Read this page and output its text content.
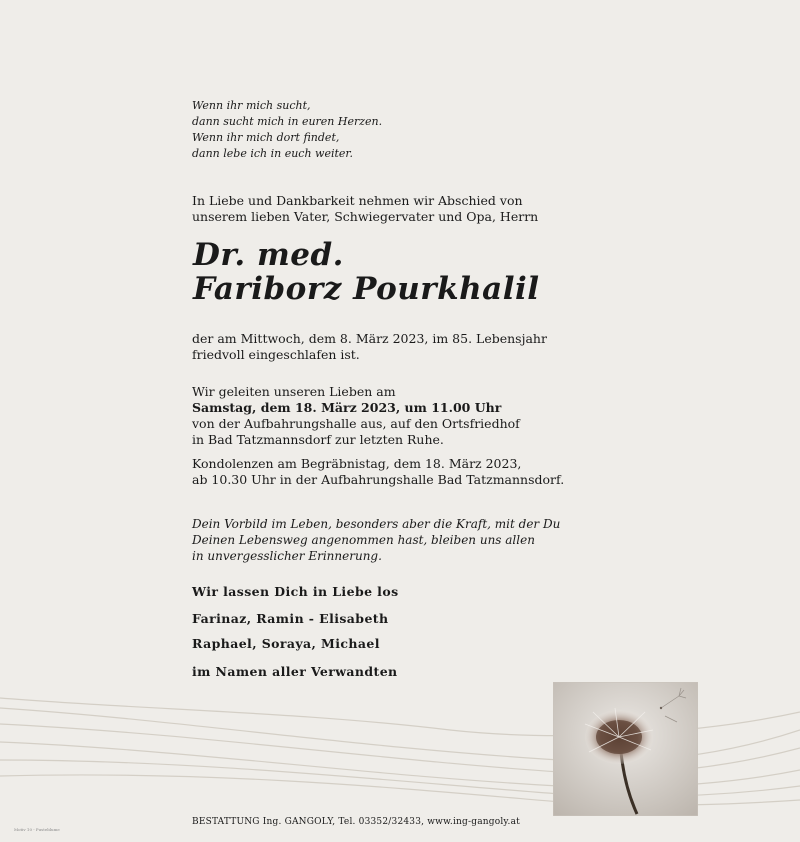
Wenn ihr mich sucht,
dann sucht mich in euren Herzen.
Wenn ihr mich dort findet,
dann lebe ich in euch weiter.
In Liebe und Dankbarkeit nehmen wir Abschied von
unserem lieben Vater, Schwiegervater und Opa, Herrn
Dr. med.
Fariborz Pourkhalil
der am Mittwoch, dem 8. März 2023, im 85. Lebensjahr
friedvoll eingeschlafen ist.
Wir geleiten unseren Lieben am
Samstag, dem 18. März 2023, um 11.00 Uhr
von der Aufbahrungshalle aus, auf den Ortsfriedhof
in Bad Tatzmannsdorf zur letzten Ruhe.
Kondolenzen am Begräbnistag, dem 18. März 2023,
ab 10.30 Uhr in der Aufbahrungshalle Bad Tatzmannsdorf.
Dein Vorbild im Leben, besonders aber die Kraft, mit der Du
Deinen Lebensweg angenommen hast, bleiben uns allen
in unvergesslicher Erinnerung.
Wir lassen Dich in Liebe los
Farinaz, Ramin - Elisabeth
Raphael, Soraya, Michael
im Namen aller Verwandten
BESTATTUNG Ing. GANGOLY, Tel. 03352/32433, www.ing-gangoly.at
Motiv 10 - Pusteblume
